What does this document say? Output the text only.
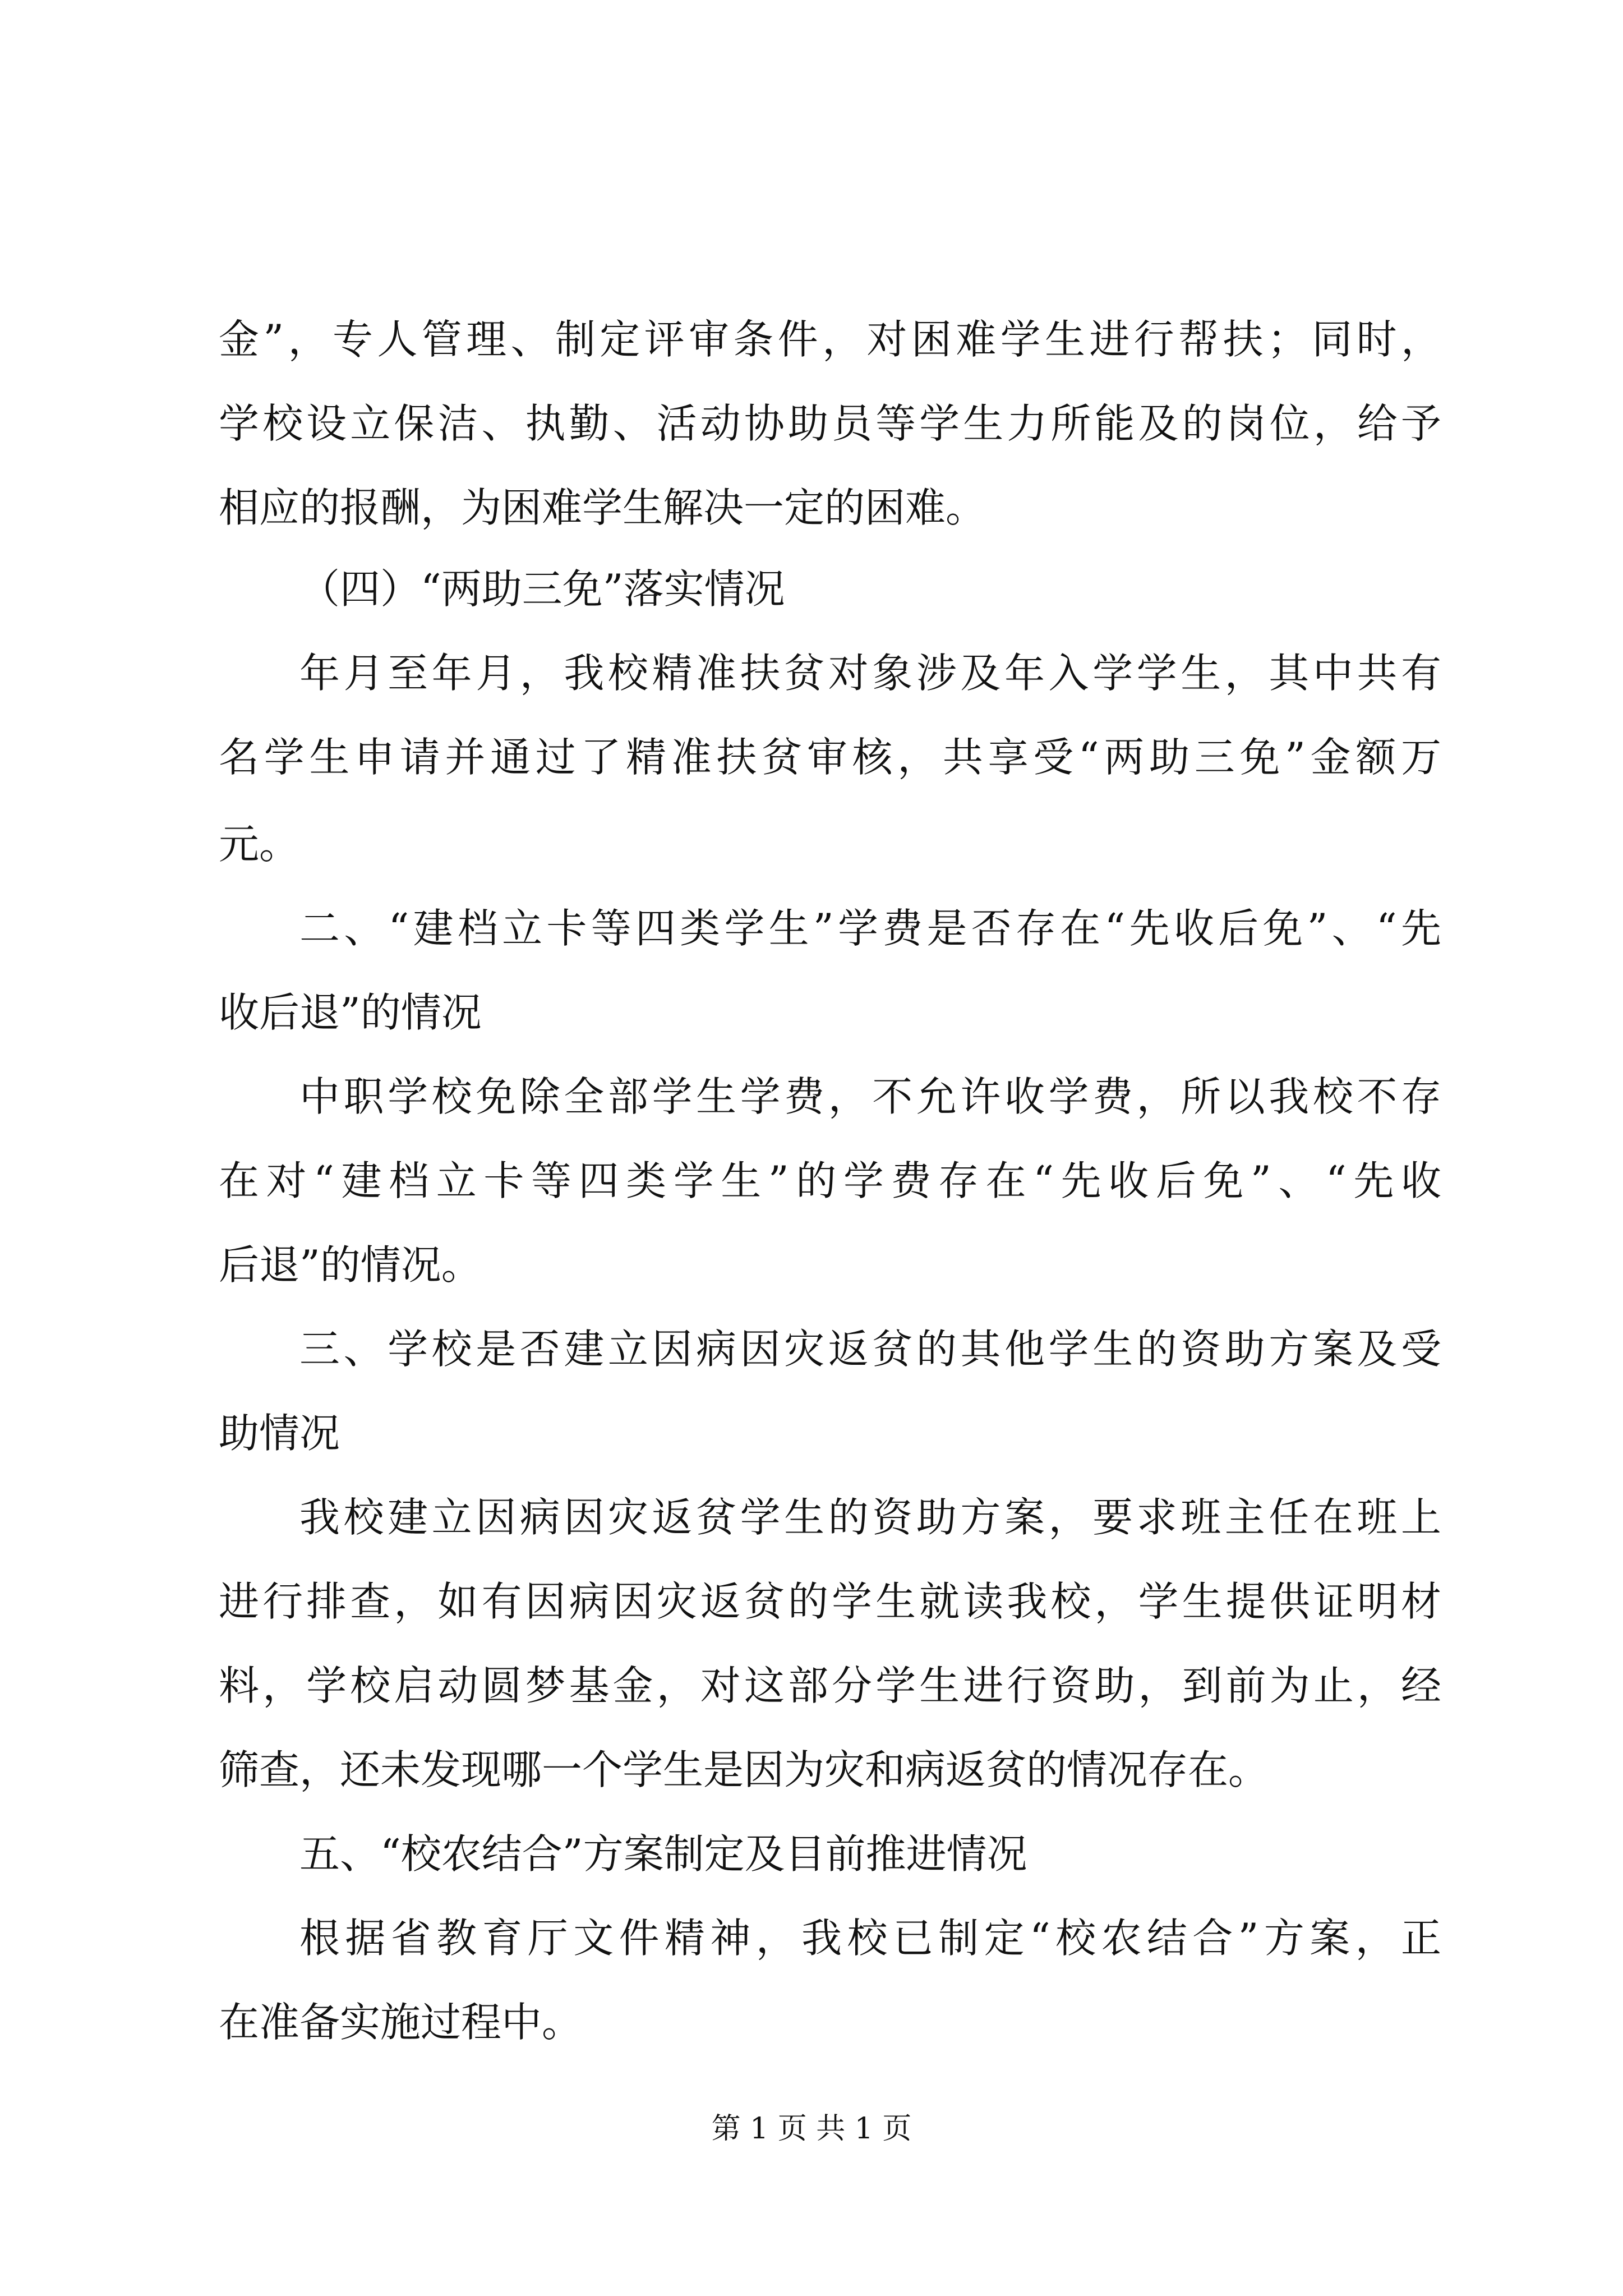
金”，专人管理、制定评审条件，对困难学生进行帮扶；同时，
学校设立保洁、执勤、活动协助员等学生力所能及的岗位，给予
相应的报酬，为困难学生解决一定的困难。
（四）“两助三免”落实情况
年月至年月，我校精准扶贫对象涉及年入学学生，其中共有
名学生申请并通过了精准扶贫审核，共享受“两助三免”金额万
元。
二、“建档立卡等四类学生”学费是否存在“先收后免”、“先
收后退”的情况
中职学校免除全部学生学费，不允许收学费，所以我校不存
在对“建档立卡等四类学生”的学费存在“先收后免”、“先收
后退”的情况。
三、学校是否建立因病因灾返贫的其他学生的资助方案及受
助情况
我校建立因病因灾返贫学生的资助方案，要求班主任在班上
进行排查，如有因病因灾返贫的学生就读我校，学生提供证明材
料，学校启动圆梦基金，对这部分学生进行资助，到前为止，经
筛查，还未发现哪一个学生是因为灾和病返贫的情况存在。
五、“校农结合”方案制定及目前推进情况
根据省教育厅文件精神，我校已制定“校农结合”方案，正
在准备实施过程中。
第 1 页 共 1 页
